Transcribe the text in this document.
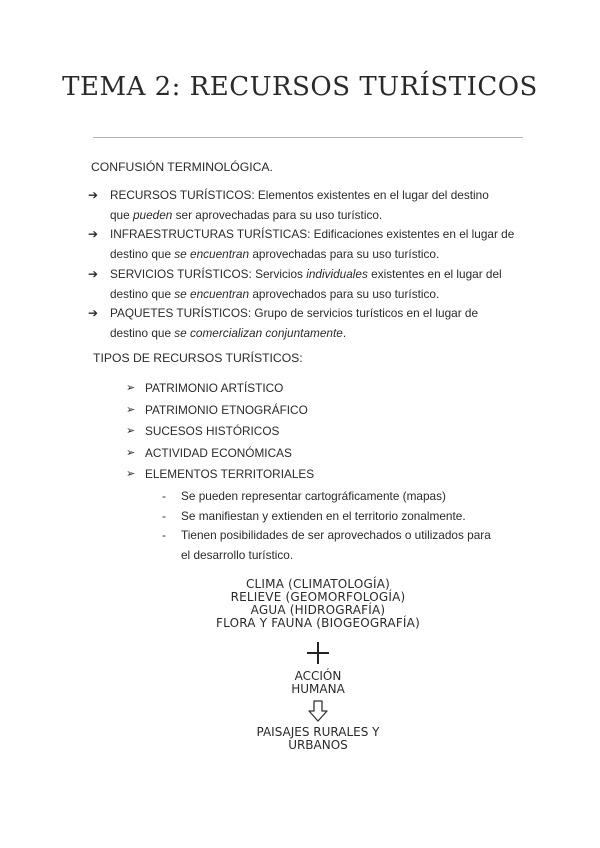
TEMA 2: RECURSOS TURÍSTICOS
CONFUSIÓN TERMINOLÓGICA.
➔ RECURSOS TURÍSTICOS: Elementos existentes en el lugar del destino
que pueden ser aprovechadas para su uso turístico.
➔ INFRAESTRUCTURAS TURÍSTICAS: Edificaciones existentes en el lugar de
destino que se encuentran aprovechadas para su uso turístico.
➔ SERVICIOS TURÍSTICOS: Servicios individuales existentes en el lugar del
destino que se encuentran aprovechados para su uso turístico.
➔ PAQUETES TURÍSTICOS: Grupo de servicios turísticos en el lugar de
destino que se comercializan conjuntamente.
TIPOS DE RECURSOS TURÍSTICOS:
➢ PATRIMONIO ARTÍSTICO
➢ PATRIMONIO ETNOGRÁFICO
➢ SUCESOS HISTÓRICOS
➢ ACTIVIDAD ECONÓMICAS
➢ ELEMENTOS TERRITORIALES
- Se pueden representar cartográficamente (mapas)
- Se manifiestan y extienden en el territorio zonalmente.
- Tienen posibilidades de ser aprovechados o utilizados para
el desarrollo turístico.
CLIMA (CLIMATOLOGÍA)
RELIEVE (GEOMORFOLOGÍA)
AGUA (HIDROGRAFÍA)
FLORA Y FAUNA (BIOGEOGRAFÍA)
ACCIÓN
HUMANA
PAISAJES RURALES Y
URBANOS
